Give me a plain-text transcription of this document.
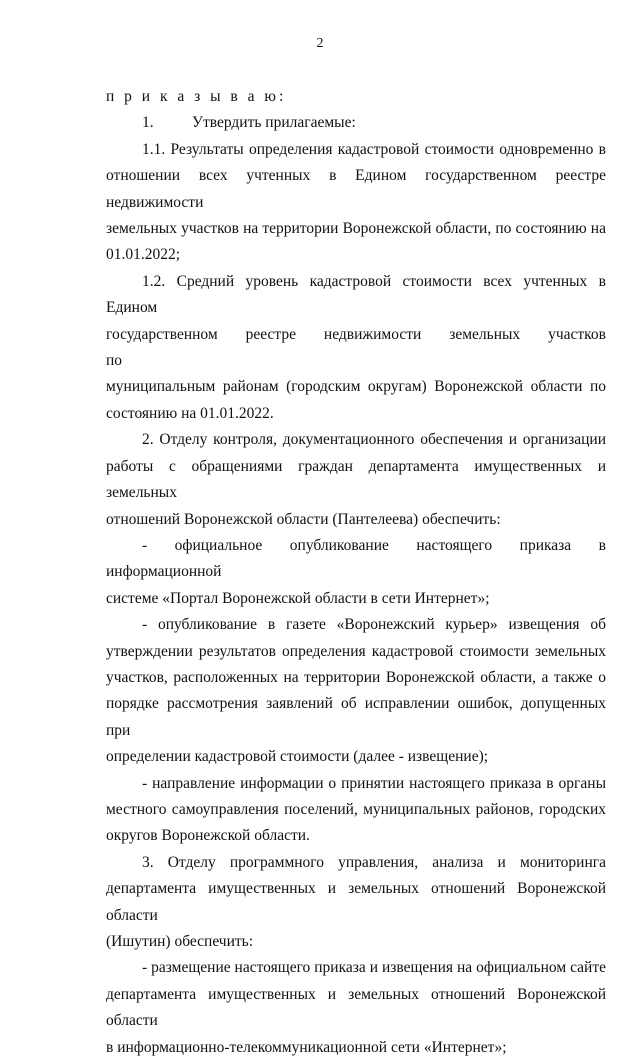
2
п р и к а з ы в а ю:
1. Утвердить прилагаемые:
1.1. Результаты определения кадастровой стоимости одновременно в
отношении всех учтенных в Едином государственном реестре недвижимости
земельных участков на территории Воронежской области, по состоянию на
01.01.2022;
1.2. Средний уровень кадастровой стоимости всех учтенных в Едином
государственном реестре недвижимости земельных участков по
муниципальным районам (городским округам) Воронежской области по
состоянию на 01.01.2022.
2. Отделу контроля, документационного обеспечения и организации
работы с обращениями граждан департамента имущественных и земельных
отношений Воронежской области (Пантелеева) обеспечить:
- официальное опубликование настоящего приказа в информационной
системе «Портал Воронежской области в сети Интернет»;
- опубликование в газете «Воронежский курьер» извещения об
утверждении результатов определения кадастровой стоимости земельных
участков, расположенных на территории Воронежской области, а также о
порядке рассмотрения заявлений об исправлении ошибок, допущенных при
определении кадастровой стоимости (далее - извещение);
- направление информации о принятии настоящего приказа в органы
местного самоуправления поселений, муниципальных районов, городских
округов Воронежской области.
3. Отделу программного управления, анализа и мониторинга
департамента имущественных и земельных отношений Воронежской области
(Ишутин) обеспечить:
- размещение настоящего приказа и извещения на официальном сайте
департамента имущественных и земельных отношений Воронежской области
в информационно-телекоммуникационной сети «Интернет»;
